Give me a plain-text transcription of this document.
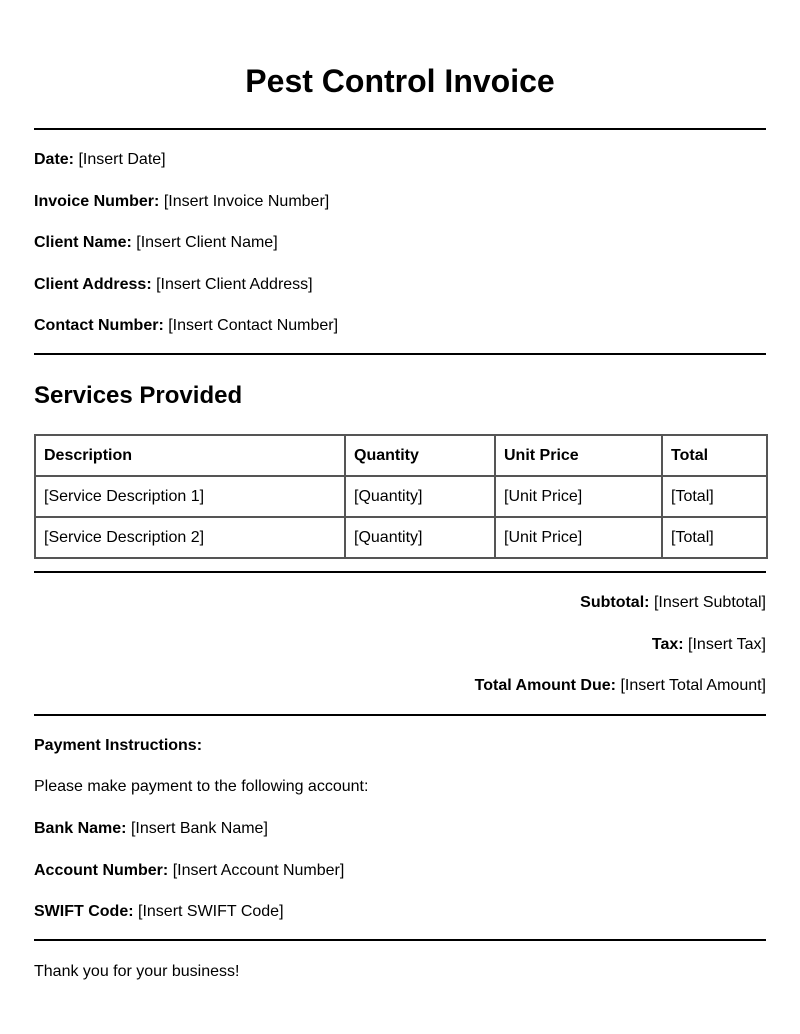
Pest Control Invoice
Date: [Insert Date]
Invoice Number: [Insert Invoice Number]
Client Name: [Insert Client Name]
Client Address: [Insert Client Address]
Contact Number: [Insert Contact Number]
Services Provided
Description	Quantity	Unit Price	Total
[Service Description 1]	[Quantity]	[Unit Price]	[Total]
[Service Description 2]	[Quantity]	[Unit Price]	[Total]
Subtotal: [Insert Subtotal]
Tax: [Insert Tax]
Total Amount Due: [Insert Total Amount]
Payment Instructions:
Please make payment to the following account:
Bank Name: [Insert Bank Name]
Account Number: [Insert Account Number]
SWIFT Code: [Insert SWIFT Code]
Thank you for your business!
